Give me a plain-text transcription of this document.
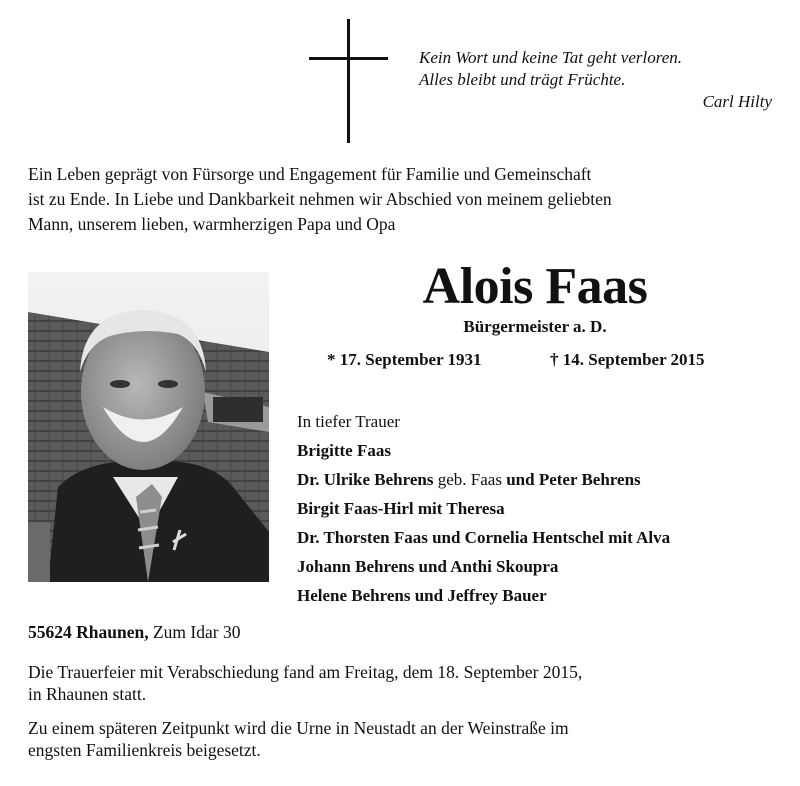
Kein Wort und keine Tat geht verloren.
Alles bleibt und trägt Früchte.
Carl Hilty
Ein Leben geprägt von Fürsorge und Engagement für Familie und Gemeinschaft
ist zu Ende. In Liebe und Dankbarkeit nehmen wir Abschied von meinem geliebten
Mann, unserem lieben, warmherzigen Papa und Opa
Alois Faas
Bürgermeister a. D.
* 17. September 1931	† 14. September 2015
In tiefer Trauer
Brigitte Faas
Dr. Ulrike Behrens geb. Faas und Peter Behrens
Birgit Faas-Hirl mit Theresa
Dr. Thorsten Faas und Cornelia Hentschel mit Alva
Johann Behrens und Anthi Skoupra
Helene Behrens und Jeffrey Bauer
55624 Rhaunen, Zum Idar 30
Die Trauerfeier mit Verabschiedung fand am Freitag, dem 18. September 2015,
in Rhaunen statt.
Zu einem späteren Zeitpunkt wird die Urne in Neustadt an der Weinstraße im
engsten Familienkreis beigesetzt.
